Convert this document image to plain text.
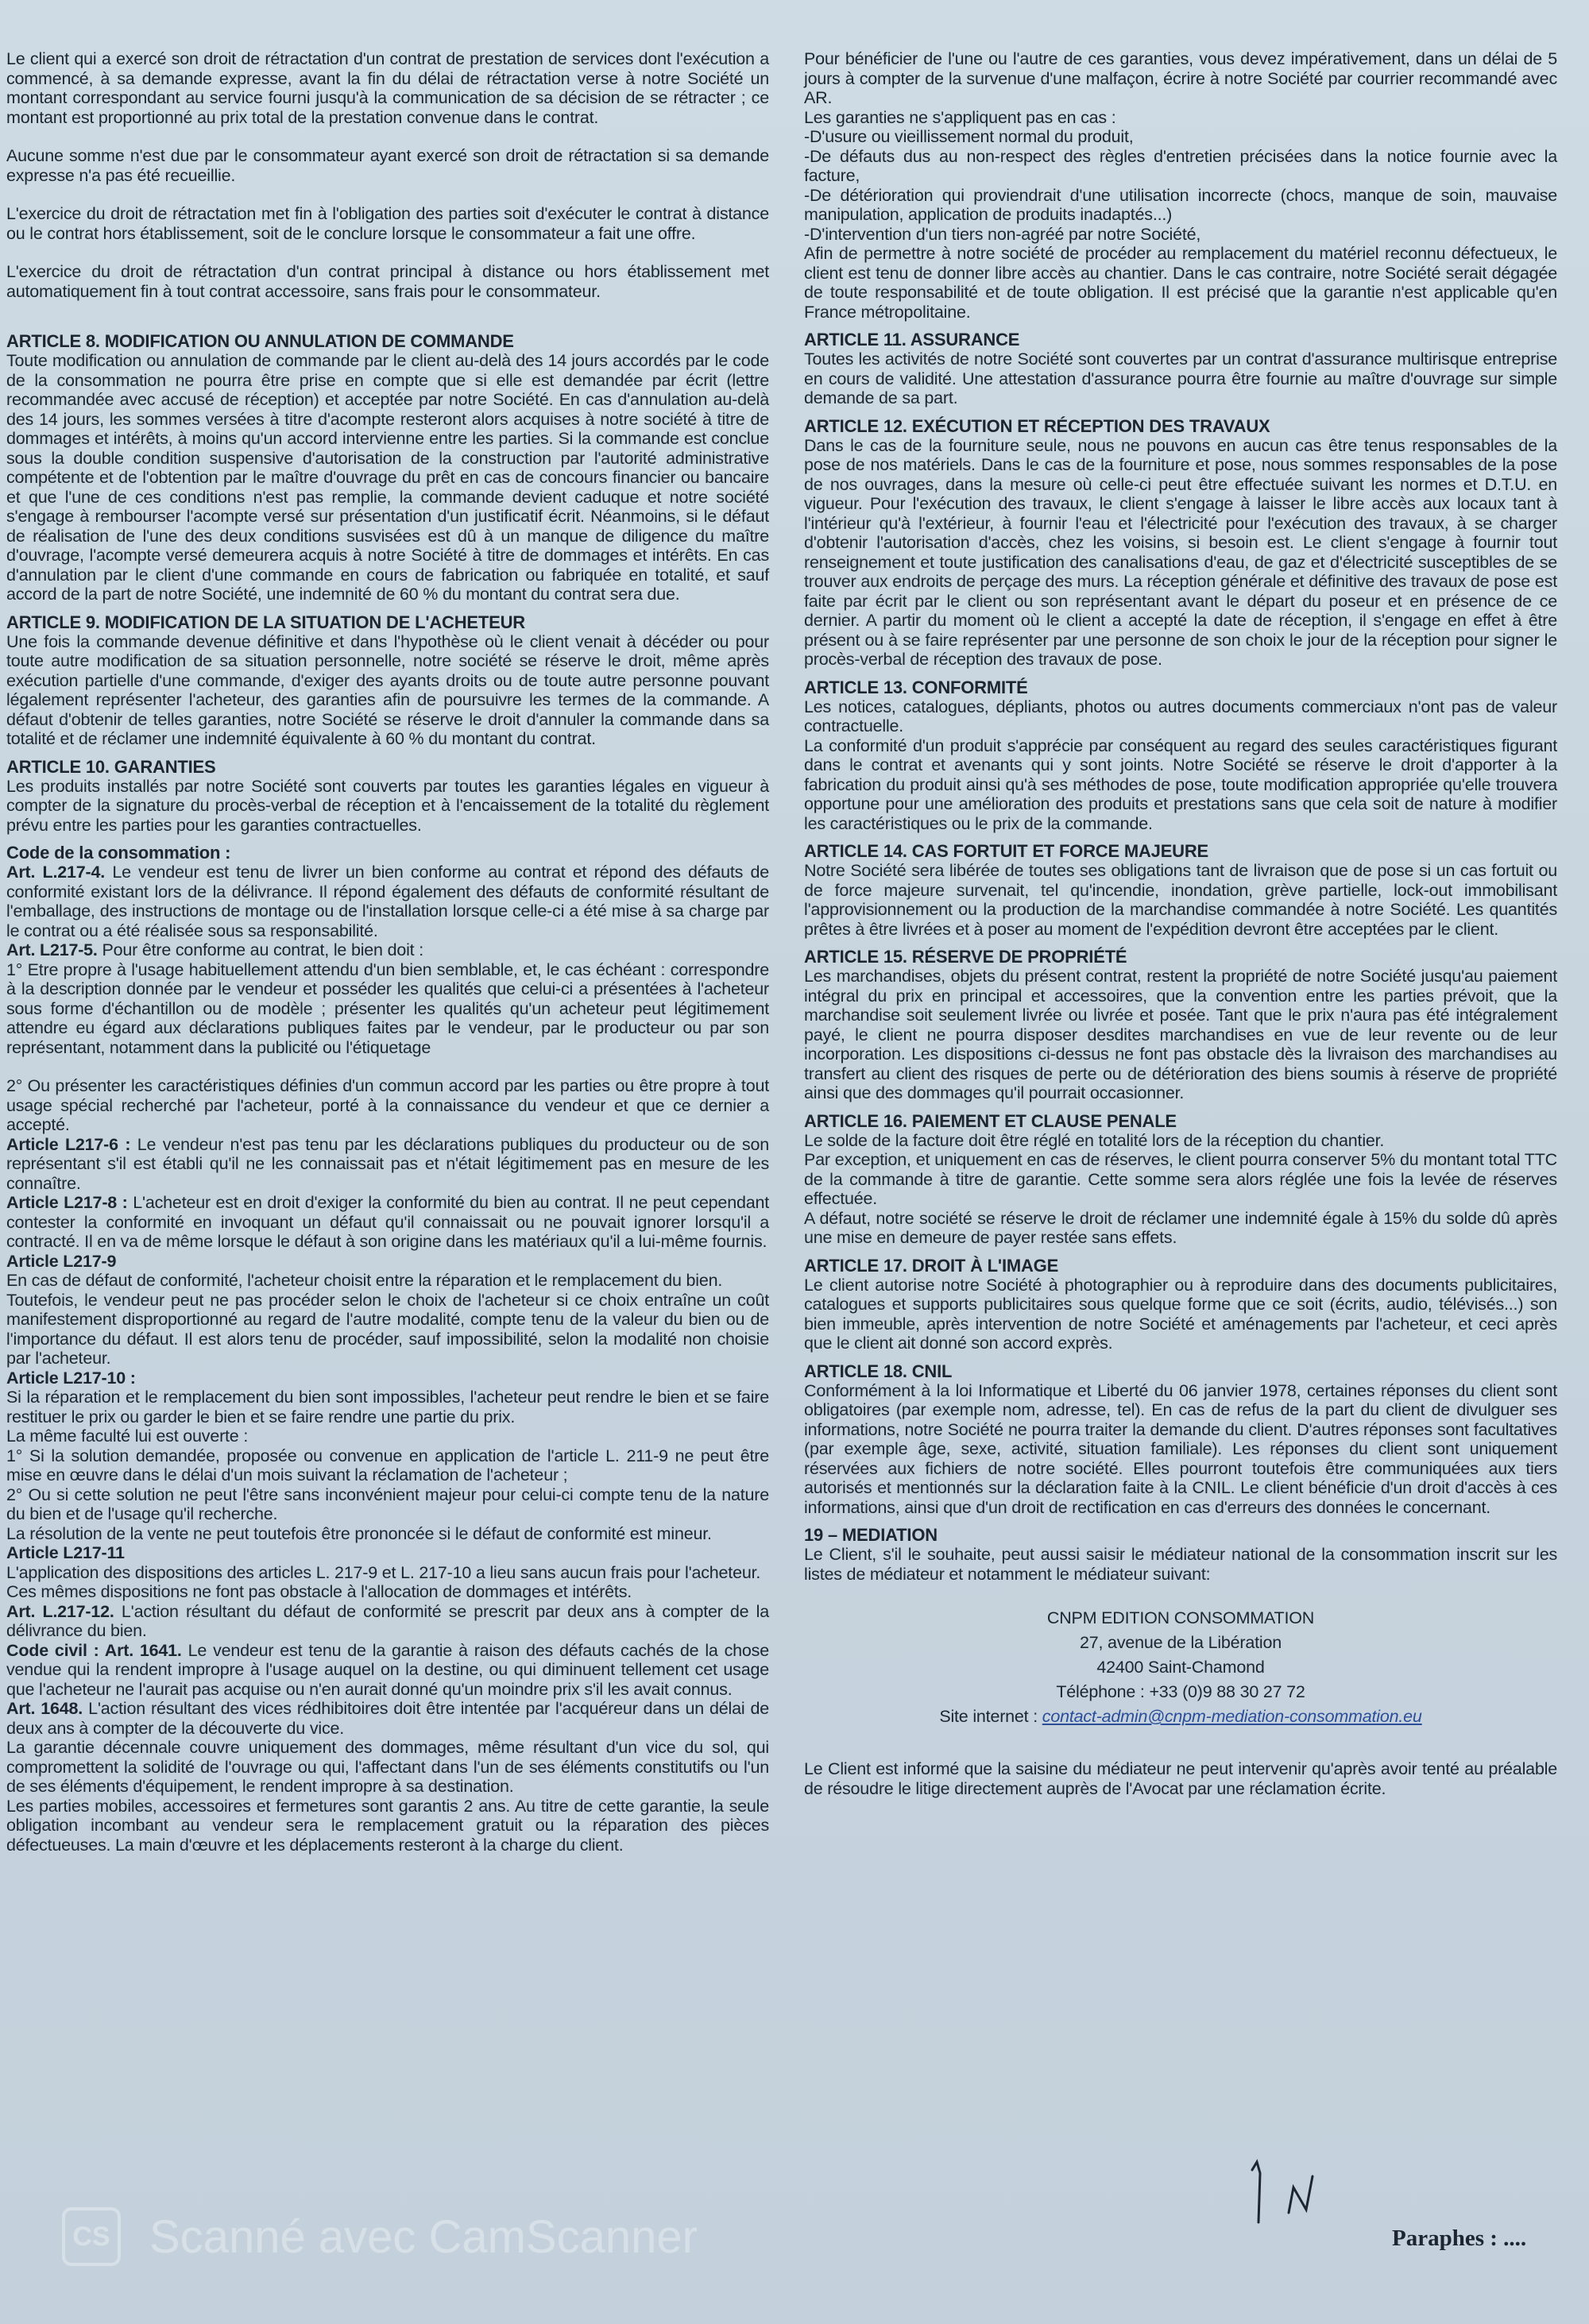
Le client qui a exercé son droit de rétractation d'un contrat de prestation de services dont l'exécution a commencé, à sa demande expresse, avant la fin du délai de rétractation verse à notre Société un montant correspondant au service fourni jusqu'à la communication de sa décision de se rétracter ; ce montant est proportionné au prix total de la prestation convenue dans le contrat.

Aucune somme n'est due par le consommateur ayant exercé son droit de rétractation si sa demande expresse n'a pas été recueillie.

L'exercice du droit de rétractation met fin à l'obligation des parties soit d'exécuter le contrat à distance ou le contrat hors établissement, soit de le conclure lorsque le consommateur a fait une offre.

L'exercice du droit de rétractation d'un contrat principal à distance ou hors établissement met automatiquement fin à tout contrat accessoire, sans frais pour le consommateur.

ARTICLE 8. MODIFICATION OU ANNULATION DE COMMANDE

Toute modification ou annulation de commande par le client au-delà des 14 jours accordés par le code de la consommation ne pourra être prise en compte que si elle est demandée par écrit (lettre recommandée avec accusé de réception) et acceptée par notre Société. En cas d'annulation au-delà des 14 jours, les sommes versées à titre d'acompte resteront alors acquises à notre société à titre de dommages et intérêts, à moins qu'un accord intervienne entre les parties. Si la commande est conclue sous la double condition suspensive d'autorisation de la construction par l'autorité administrative compétente et de l'obtention par le maître d'ouvrage du prêt en cas de concours financier ou bancaire et que l'une de ces conditions n'est pas remplie, la commande devient caduque et notre société s'engage à rembourser l'acompte versé sur présentation d'un justificatif écrit. Néanmoins, si le défaut de réalisation de l'une des deux conditions susvisées est dû à un manque de diligence du maître d'ouvrage, l'acompte versé demeurera acquis à notre Société à titre de dommages et intérêts. En cas d'annulation par le client d'une commande en cours de fabrication ou fabriquée en totalité, et sauf accord de la part de notre Société, une indemnité de 60 % du montant du contrat sera due.

ARTICLE 9. MODIFICATION DE LA SITUATION DE L'ACHETEUR

Une fois la commande devenue définitive et dans l'hypothèse où le client venait à décéder ou pour toute autre modification de sa situation personnelle, notre société se réserve le droit, même après exécution partielle d'une commande, d'exiger des ayants droits ou de toute autre personne pouvant légalement représenter l'acheteur, des garanties afin de poursuivre les termes de la commande. A défaut d'obtenir de telles garanties, notre Société se réserve le droit d'annuler la commande dans sa totalité et de réclamer une indemnité équivalente à 60 % du montant du contrat.

ARTICLE 10. GARANTIES

Les produits installés par notre Société sont couverts par toutes les garanties légales en vigueur à compter de la signature du procès-verbal de réception et à l'encaissement de la totalité du règlement prévu entre les parties pour les garanties contractuelles.

Code de la consommation :

Art. L.217-4. Le vendeur est tenu de livrer un bien conforme au contrat et répond des défauts de conformité existant lors de la délivrance. Il répond également des défauts de conformité résultant de l'emballage, des instructions de montage ou de l'installation lorsque celle-ci a été mise à sa charge par le contrat ou a été réalisée sous sa responsabilité.

Art. L217-5. Pour être conforme au contrat, le bien doit :

1° Etre propre à l'usage habituellement attendu d'un bien semblable, et, le cas échéant : correspondre à la description donnée par le vendeur et posséder les qualités que celui-ci a présentées à l'acheteur sous forme d'échantillon ou de modèle ; présenter les qualités qu'un acheteur peut légitimement attendre eu égard aux déclarations publiques faites par le vendeur, par le producteur ou par son représentant, notamment dans la publicité ou l'étiquetage

2° Ou présenter les caractéristiques définies d'un commun accord par les parties ou être propre à tout usage spécial recherché par l'acheteur, porté à la connaissance du vendeur et que ce dernier a accepté.

Article L217-6 : Le vendeur n'est pas tenu par les déclarations publiques du producteur ou de son représentant s'il est établi qu'il ne les connaissait pas et n'était légitimement pas en mesure de les connaître.

Article L217-8 : L'acheteur est en droit d'exiger la conformité du bien au contrat. Il ne peut cependant contester la conformité en invoquant un défaut qu'il connaissait ou ne pouvait ignorer lorsqu'il a contracté. Il en va de même lorsque le défaut à son origine dans les matériaux qu'il a lui-même fournis.

Article L217-9

En cas de défaut de conformité, l'acheteur choisit entre la réparation et le remplacement du bien.

Toutefois, le vendeur peut ne pas procéder selon le choix de l'acheteur si ce choix entraîne un coût manifestement disproportionné au regard de l'autre modalité, compte tenu de la valeur du bien ou de l'importance du défaut. Il est alors tenu de procéder, sauf impossibilité, selon la modalité non choisie par l'acheteur.

Article L217-10 :

Si la réparation et le remplacement du bien sont impossibles, l'acheteur peut rendre le bien et se faire restituer le prix ou garder le bien et se faire rendre une partie du prix.

La même faculté lui est ouverte :

1° Si la solution demandée, proposée ou convenue en application de l'article L. 211-9 ne peut être mise en œuvre dans le délai d'un mois suivant la réclamation de l'acheteur ;

2° Ou si cette solution ne peut l'être sans inconvénient majeur pour celui-ci compte tenu de la nature du bien et de l'usage qu'il recherche.

La résolution de la vente ne peut toutefois être prononcée si le défaut de conformité est mineur.

Article L217-11

L'application des dispositions des articles L. 217-9 et L. 217-10 a lieu sans aucun frais pour l'acheteur.

Ces mêmes dispositions ne font pas obstacle à l'allocation de dommages et intérêts.

Art. L.217-12. L'action résultant du défaut de conformité se prescrit par deux ans à compter de la délivrance du bien.

Code civil : Art. 1641. Le vendeur est tenu de la garantie à raison des défauts cachés de la chose vendue qui la rendent impropre à l'usage auquel on la destine, ou qui diminuent tellement cet usage que l'acheteur ne l'aurait pas acquise ou n'en aurait donné qu'un moindre prix s'il les avait connus.

Art. 1648. L'action résultant des vices rédhibitoires doit être intentée par l'acquéreur dans un délai de deux ans à compter de la découverte du vice.

La garantie décennale couvre uniquement des dommages, même résultant d'un vice du sol, qui compromettent la solidité de l'ouvrage ou qui, l'affectant dans l'un de ses éléments constitutifs ou l'un de ses éléments d'équipement, le rendent impropre à sa destination.

Les parties mobiles, accessoires et fermetures sont garantis 2 ans. Au titre de cette garantie, la seule obligation incombant au vendeur sera le remplacement gratuit ou la réparation des pièces défectueuses. La main d'œuvre et les déplacements resteront à la charge du client.

Pour bénéficier de l'une ou l'autre de ces garanties, vous devez impérativement, dans un délai de 5 jours à compter de la survenue d'une malfaçon, écrire à notre Société par courrier recommandé avec AR.

Les garanties ne s'appliquent pas en cas :

-D'usure ou vieillissement normal du produit,

-De défauts dus au non-respect des règles d'entretien précisées dans la notice fournie avec la facture,

-De détérioration qui proviendrait d'une utilisation incorrecte (chocs, manque de soin, mauvaise manipulation, application de produits inadaptés...)

-D'intervention d'un tiers non-agréé par notre Société,

Afin de permettre à notre société de procéder au remplacement du matériel reconnu défectueux, le client est tenu de donner libre accès au chantier. Dans le cas contraire, notre Société serait dégagée de toute responsabilité et de toute obligation. Il est précisé que la garantie n'est applicable qu'en France métropolitaine.

ARTICLE 11. ASSURANCE

Toutes les activités de notre Société sont couvertes par un contrat d'assurance multirisque entreprise en cours de validité. Une attestation d'assurance pourra être fournie au maître d'ouvrage sur simple demande de sa part.

ARTICLE 12. EXÉCUTION ET RÉCEPTION DES TRAVAUX

Dans le cas de la fourniture seule, nous ne pouvons en aucun cas être tenus responsables de la pose de nos matériels. Dans le cas de la fourniture et pose, nous sommes responsables de la pose de nos ouvrages, dans la mesure où celle-ci peut être effectuée suivant les normes et D.T.U. en vigueur. Pour l'exécution des travaux, le client s'engage à laisser le libre accès aux locaux tant à l'intérieur qu'à l'extérieur, à fournir l'eau et l'électricité pour l'exécution des travaux, à se charger d'obtenir l'autorisation d'accès, chez les voisins, si besoin est. Le client s'engage à fournir tout renseignement et toute justification des canalisations d'eau, de gaz et d'électricité susceptibles de se trouver aux endroits de perçage des murs. La réception générale et définitive des travaux de pose est faite par écrit par le client ou son représentant avant le départ du poseur et en présence de ce dernier. A partir du moment où le client a accepté la date de réception, il s'engage en effet à être présent ou à se faire représenter par une personne de son choix le jour de la réception pour signer le procès-verbal de réception des travaux de pose.

ARTICLE 13. CONFORMITÉ

Les notices, catalogues, dépliants, photos ou autres documents commerciaux n'ont pas de valeur contractuelle.

La conformité d'un produit s'apprécie par conséquent au regard des seules caractéristiques figurant dans le contrat et avenants qui y sont joints. Notre Société se réserve le droit d'apporter à la fabrication du produit ainsi qu'à ses méthodes de pose, toute modification appropriée qu'elle trouvera opportune pour une amélioration des produits et prestations sans que cela soit de nature à modifier les caractéristiques ou le prix de la commande.

ARTICLE 14. CAS FORTUIT ET FORCE MAJEURE

Notre Société sera libérée de toutes ses obligations tant de livraison que de pose si un cas fortuit ou de force majeure survenait, tel qu'incendie, inondation, grève partielle, lock-out immobilisant l'approvisionnement ou la production de la marchandise commandée à notre Société. Les quantités prêtes à être livrées et à poser au moment de l'expédition devront être acceptées par le client.

ARTICLE 15. RÉSERVE DE PROPRIÉTÉ

Les marchandises, objets du présent contrat, restent la propriété de notre Société jusqu'au paiement intégral du prix en principal et accessoires, que la convention entre les parties prévoit, que la marchandise soit seulement livrée ou livrée et posée. Tant que le prix n'aura pas été intégralement payé, le client ne pourra disposer desdites marchandises en vue de leur revente ou de leur incorporation. Les dispositions ci-dessus ne font pas obstacle dès la livraison des marchandises au transfert au client des risques de perte ou de détérioration des biens soumis à réserve de propriété ainsi que des dommages qu'il pourrait occasionner.

ARTICLE 16. PAIEMENT ET CLAUSE PENALE

Le solde de la facture doit être réglé en totalité lors de la réception du chantier.

Par exception, et uniquement en cas de réserves, le client pourra conserver 5% du montant total TTC de la commande à titre de garantie. Cette somme sera alors réglée une fois la levée de réserves effectuée.

A défaut, notre société se réserve le droit de réclamer une indemnité égale à 15% du solde dû après une mise en demeure de payer restée sans effets.

ARTICLE 17. DROIT À L'IMAGE

Le client autorise notre Société à photographier ou à reproduire dans des documents publicitaires, catalogues et supports publicitaires sous quelque forme que ce soit (écrits, audio, télévisés...) son bien immeuble, après intervention de notre Société et aménagements par l'acheteur, et ceci après que le client ait donné son accord exprès.

ARTICLE 18. CNIL

Conformément à la loi Informatique et Liberté du 06 janvier 1978, certaines réponses du client sont obligatoires (par exemple nom, adresse, tel). En cas de refus de la part du client de divulguer ses informations, notre Société ne pourra traiter la demande du client. D'autres réponses sont facultatives (par exemple âge, sexe, activité, situation familiale). Les réponses du client sont uniquement réservées aux fichiers de notre société. Elles pourront toutefois être communiquées aux tiers autorisés et mentionnés sur la déclaration faite à la CNIL. Le client bénéficie d'un droit d'accès à ces informations, ainsi que d'un droit de rectification en cas d'erreurs des données le concernant.

19 – MEDIATION

Le Client, s'il le souhaite, peut aussi saisir le médiateur national de la consommation inscrit sur les listes de médiateur et notamment le médiateur suivant:

CNPM EDITION CONSOMMATION
27, avenue de la Libération
42400 Saint-Chamond
Téléphone : +33 (0)9 88 30 27 72
Site internet : contact-admin@cnpm-mediation-consommation.eu

Le Client est informé que la saisine du médiateur ne peut intervenir qu'après avoir tenté au préalable de résoudre le litige directement auprès de l'Avocat par une réclamation écrite.

CS Scanné avec CamScanner	Paraphes : ....
